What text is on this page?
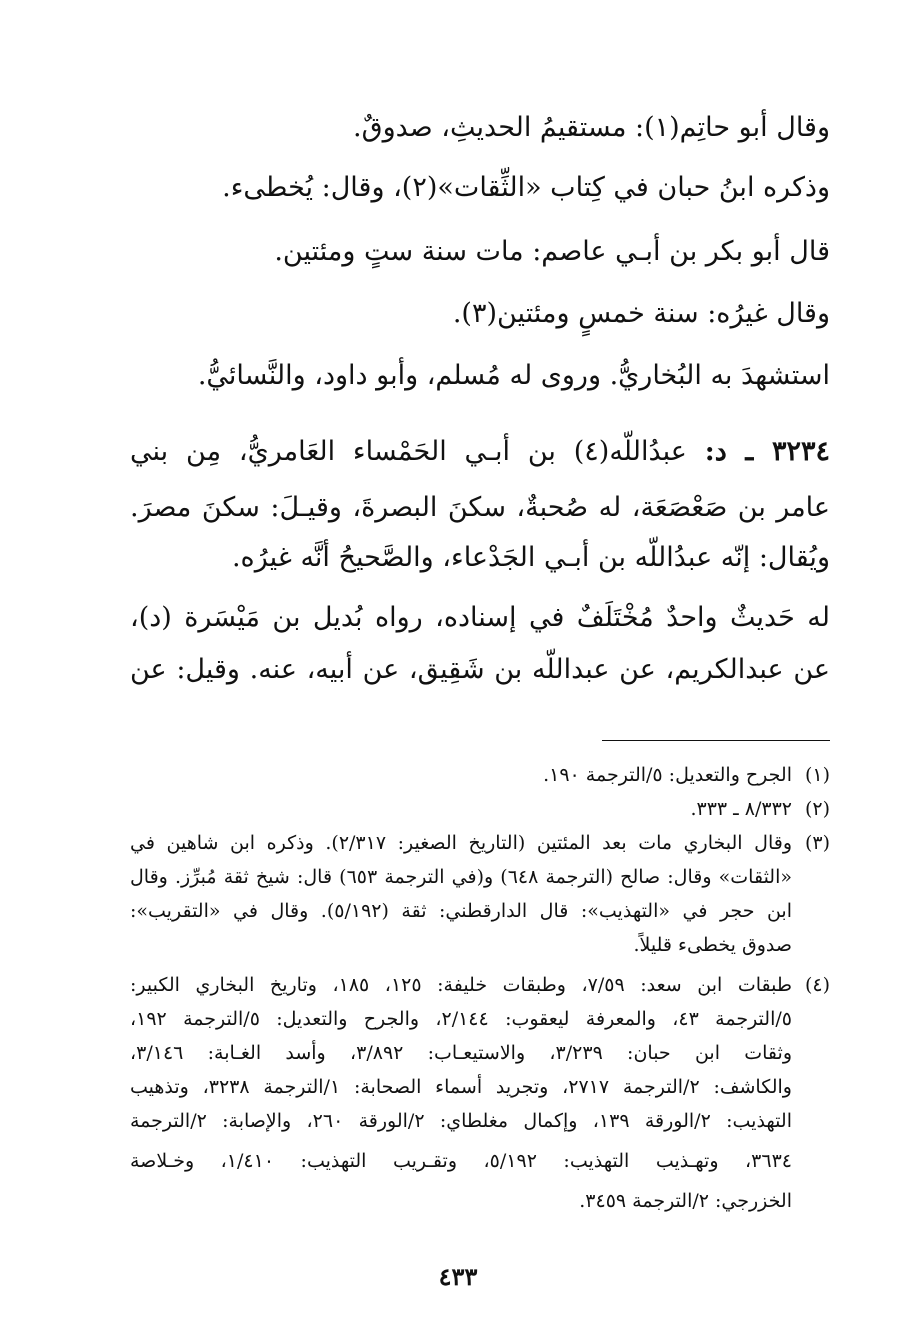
وقال أبو حاتِم(١): مستقيمُ الحديثِ، صدوقٌ.
وذكره ابنُ حبان في كِتاب «الثِّقات»(٢)، وقال: يُخطىء.
قال أبو بكر بن أبـي عاصم: مات سنة ستٍ ومئتين.
وقال غيرُه: سنة خمسٍ ومئتين(٣).
استشهدَ به البُخاريُّ. وروى له مُسلم، وأبو داود، والنَّسائيُّ.
٣٢٣٤ ـ د: عبدُاللّه(٤) بن أبـي الحَمْساء العَامريُّ، مِن بني
عامر بن صَعْصَعَة، له صُحبةٌ، سكنَ البصرةَ، وقيـلَ: سكنَ مصرَ.
ويُقال: إنّه عبدُاللّه بن أبـي الجَدْعاء، والصَّحيحُ أنَّه غيرُه.
له حَديثٌ واحدٌ مُخْتَلَفٌ في إسناده، رواه بُديل بن مَيْسَرة (د)،
عن عبدالكريم، عن عبداللّه بن شَقِيق، عن أبيه، عنه. وقيل: عن
(١)الجرح والتعديل: ٥/الترجمة ١٩٠.
(٢)٨/٣٣٢ ـ ٣٣٣.
(٣)وقال البخاري مات بعد المئتين (التاريخ الصغير: ٢/٣١٧). وذكره ابن شاهين في
«الثقات» وقال: صالح (الترجمة ٦٤٨) و(في الترجمة ٦٥٣) قال: شيخ ثقة مُبرِّز. وقال
ابن حجر في «التهذيب»: قال الدارقطني: ثقة (٥/١٩٢). وقال في «التقريب»:
صدوق يخطىء قليلاً.
(٤)طبقات ابن سعد: ٧/٥٩، وطبقات خليفة: ١٢٥، ١٨٥، وتاريخ البخاري الكبير:
٥/الترجمة ٤٣، والمعرفة ليعقوب: ٢/١٤٤، والجرح والتعديل: ٥/الترجمة ١٩٢،
وثقات ابن حبان: ٣/٢٣٩، والاستيعـاب: ٣/٨٩٢، وأسد الغـابة: ٣/١٤٦،
والكاشف: ٢/الترجمة ٢٧١٧، وتجريد أسماء الصحابة: ١/الترجمة ٣٢٣٨، وتذهيب
التهذيب: ٢/الورقة ١٣٩، وإكمال مغلطاي: ٢/الورقة ٢٦٠، والإصابة: ٢/الترجمة
٣٦٣٤، وتهـذيب التهذيب: ٥/١٩٢، وتقـريب التهذيب: ١/٤١٠، وخـلاصة
الخزرجي: ٢/الترجمة ٣٤٥٩.
٤٣٣
